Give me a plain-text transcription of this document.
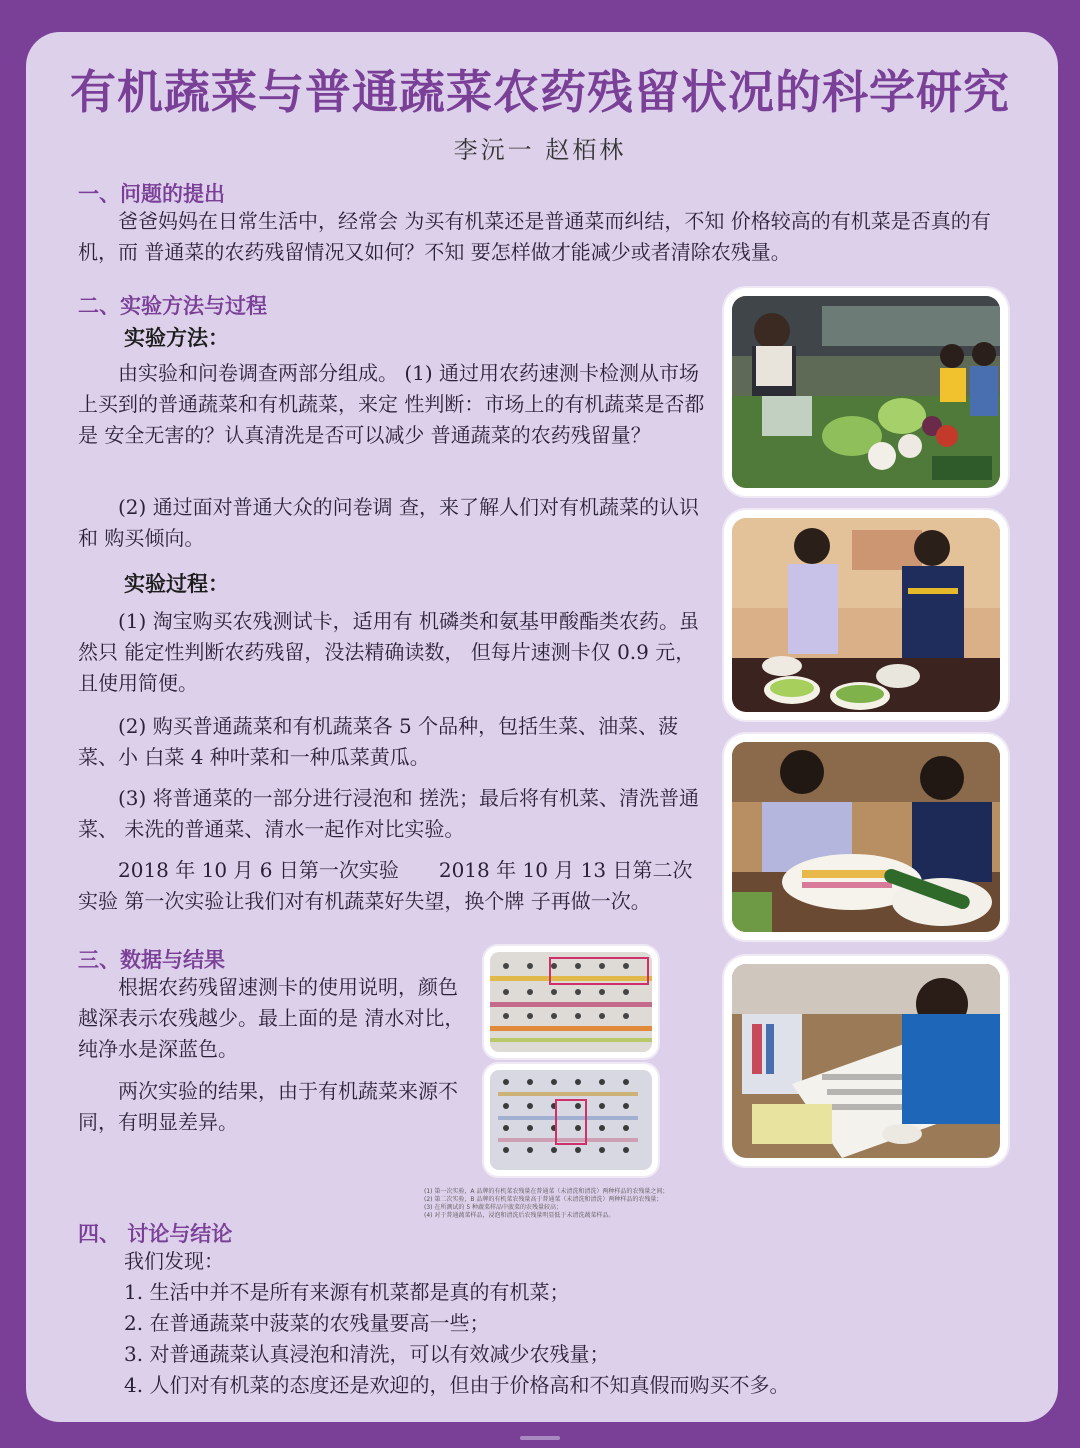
有机蔬菜与普通蔬菜农药残留状况的科学研究
李沅一 赵栢林
一、问题的提出

爸爸妈妈在日常生活中，经常会 为买有机菜还是普通菜而纠结，不知 价格较高的有机菜是否真的有机，而 普通菜的农药残留情况又如何？不知 要怎样做才能减少或者清除农残量。

二、实验方法与过程
实验方法：

由实验和问卷调查两部分组成。 (1) 通过用农药速测卡检测从市场上买到的普通蔬菜和有机蔬菜，来定 性判断：市场上的有机蔬菜是否都是 安全无害的？认真清洗是否可以减少 普通蔬菜的农药残留量？

(2) 通过面对普通大众的问卷调 查，来了解人们对有机蔬菜的认识和 购买倾向。

实验过程：

(1) 淘宝购买农残测试卡，适用有 机磷类和氨基甲酸酯类农药。虽然只 能定性判断农药残留，没法精确读数， 但每片速测卡仅 0.9 元，且使用简便。

(2) 购买普通蔬菜和有机蔬菜各 5 个品种，包括生菜、油菜、菠菜、小 白菜 4 种叶菜和一种瓜菜黄瓜。

(3) 将普通菜的一部分进行浸泡和 搓洗；最后将有机菜、清洗普通菜、 未洗的普通菜、清水一起作对比实验。

2018 年 10 月 6 日第一次实验　　2018 年 10 月 13 日第二次实验 第一次实验让我们对有机蔬菜好失望，换个牌 子再做一次。

三、数据与结果

根据农药残留速测卡的使用说明，颜色越深表示农残越少。最上面的是 清水对比，纯净水是深蓝色。

两次实验的结果，由于有机蔬菜来源不同，有明显差异。

(1) 第一次实验，A 品牌的有机菜农残量在普通菜（未清洗和清洗）两种样品的农残量之间；
(2) 第二次实验，B 品牌的有机菜农残量高于普通菜（未清洗和清洗）两种样品的农残量；
(3) 在所测试的 5 种蔬菜样品中菠菜的农残量较高；
(4) 对于普通蔬菜样品，浸泡和清洗后农残量明显低于未清洗蔬菜样品。
四、 讨论与结论
我们发现：
1. 生活中并不是所有来源有机菜都是真的有机菜；
2. 在普通蔬菜中菠菜的农残量要高一些；
3. 对普通蔬菜认真浸泡和清洗，可以有效减少农残量；
4. 人们对有机菜的态度还是欢迎的，但由于价格高和不知真假而购买不多。
